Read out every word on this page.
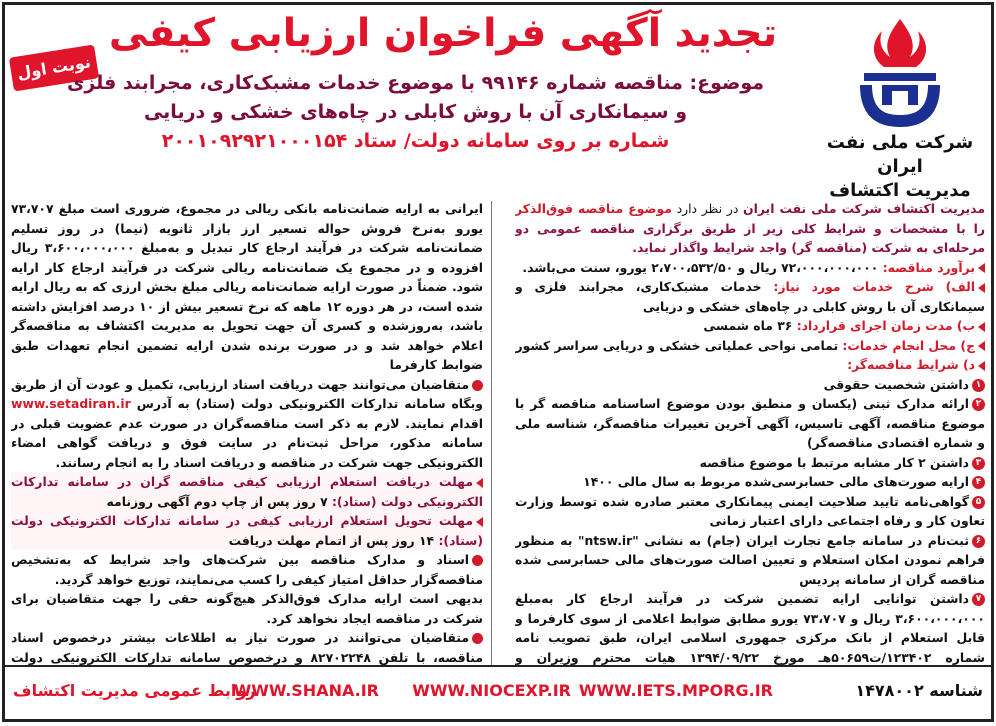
شرکت ملی نفت ایران
مدیریت اکتشاف
تجدید آگهی فراخوان ارزیابی کیفی
نوبت اول
موضوع: مناقصه شماره ۹۹۱۴۶ با موضوع خدمات مشبک‌کاری، مجرابند فلزی
و سیمانکاری آن با روش کابلی در چاه‌های خشکی و دریایی
شماره بر روی سامانه دولت/ ستاد ۲۰۰۱۰۹۲۹۲۱۰۰۰۱۵۴

مدیریت اکتشاف شرکت ملی نفت ایران در نظر دارد موضوع مناقصه فوق‌الذکر را با مشخصات و شرایط کلی زیر از طریق برگزاری مناقصه عمومی دو مرحله‌ای به شرکت (مناقصه گر) واجد شرایط واگذار نماید.

برآورد مناقصه: ۷۲،۰۰۰،۰۰۰،۰۰۰ ریال و ۲،۷۰۰،۵۳۲/۵۰ یورو، سنت می‌باشد.

الف) شرح خدمات مورد نیاز: خدمات مشبک‌کاری، مجرابند فلزی و سیمانکاری آن با روش کابلی در چاه‌های خشکی و دریایی

ب) مدت زمان اجرای قرارداد: ۳۶ ماه شمسی

ج) محل انجام خدمات: تمامی نواحی عملیاتی خشکی و دریایی سراسر کشور

د) شرایط مناقصه‌گر:

۱داشتن شخصیت حقوقی

۲ارائه مدارک ثبتی (یکسان و منطبق بودن موضوع اساسنامه مناقصه گر با موضوع مناقصه، آگهی تاسیس، آگهی آخرین تغییرات مناقصه‌گر، شناسه ملی و شماره اقتصادی مناقصه‌گر)

۳داشتن ۲ کار مشابه مرتبط با موضوع مناقصه

۴ارایه صورت‌های مالی حسابرسی‌شده مربوط به سال مالی ۱۴۰۰

۵گواهی‌نامه تایید صلاحیت ایمنی پیمانکاری معتبر صادره شده توسط وزارت تعاون کار و رفاه اجتماعی دارای اعتبار زمانی

۶ثبت‌نام در سامانه جامع تجارت ایران (جام) به نشانی "ntsw.ir" به منظور فراهم نمودن امکان استعلام و تعیین اصالت صورت‌های مالی حسابرسی شده مناقصه گران از سامانه پردیس

۷داشتن توانایی ارایه تضمین شرکت در فرآیند ارجاع کار به‌مبلغ ۳،۶۰۰،۰۰۰،۰۰۰ ریال و ۷۳،۷۰۷ یورو مطابق ضوابط اعلامی از سوی کارفرما و قابل استعلام از بانک مرکزی جمهوری اسلامی ایران، طبق تصویب نامه شماره ۱۲۳۴۰۲/ت۵۰۶۵۹هـ مورخ ۱۳۹۴/۰۹/۲۲ هیات محترم وزیران و

ایرانی به ارایه ضمانت‌نامه بانکی ریالی در مجموع، ضروری است مبلغ ۷۳،۷۰۷ یورو به‌نرخ فروش حواله تسعیر ارز بازار ثانویه (نیما) در روز تسلیم ضمانت‌نامه شرکت در فرآیند ارجاع کار تبدیل و به‌مبلغ ۳،۶۰۰،۰۰۰،۰۰۰ ریال افزوده و در مجموع یک ضمانت‌نامه ریالی شرکت در فرآیند ارجاع کار ارایه شود. ضمناً در صورت ارایه ضمانت‌نامه ریالی مبلغ بخش ارزی که به ریال ارایه شده است، در هر دوره ۱۲ ماهه که نرخ تسعیر بیش از ۱۰ درصد افزایش داشته باشد، به‌روزشده و کسری آن جهت تحویل به مدیریت اکتشاف به مناقصه‌گر اعلام خواهد شد و در صورت برنده شدن ارایه تضمین انجام تعهدات طبق ضوابط کارفرما

متقاضیان می‌توانند جهت دریافت اسناد ارزیابی، تکمیل و عودت آن از طریق وبگاه سامانه تدارکات الکترونیکی دولت (ستاد) به آدرس www.setadiran.ir اقدام نمایند. لازم به ذکر است مناقصه‌گران در صورت عدم عضویت قبلی در سامانه مذکور، مراحل ثبت‌نام در سایت فوق و دریافت گواهی امضاء الکترونیکی جهت شرکت در مناقصه و دریافت اسناد را به انجام رسانند.

مهلت دریافت استعلام ارزیابی کیفی مناقصه گران در سامانه تدارکات الکترونیکی دولت (ستاد): ۷ روز پس از چاپ دوم آگهی روزنامه

مهلت تحویل استعلام ارزیابی کیفی در سامانه تدارکات الکترونیکی دولت (ستاد): ۱۴ روز پس از اتمام مهلت دریافت

اسناد و مدارک مناقصه بین شرکت‌های واجد شرایط که به‌تشخیص مناقصه‌گزار حداقل امتیاز کیفی را کسب می‌نمایند، توزیع خواهد گردید.

بدیهی است ارایه مدارک فوق‌الذکر هیچ‌گونه حقی را جهت متقاضیان برای شرکت در مناقصه ایجاد نخواهد کرد.

متقاضیان می‌توانند در صورت نیاز به اطلاعات بیشتر درخصوص اسناد مناقصه، با تلفن ۸۲۷۰۲۲۴۸ و درخصوص سامانه تدارکات الکترونیکی دولت

شناسه ۱۴۷۸۰۰۲
WWW.IETS.MPORG.IR
WWW.NIOCEXP.IR
WWW.SHANA.IR
روابط عمومی مدیریت اکتشاف
